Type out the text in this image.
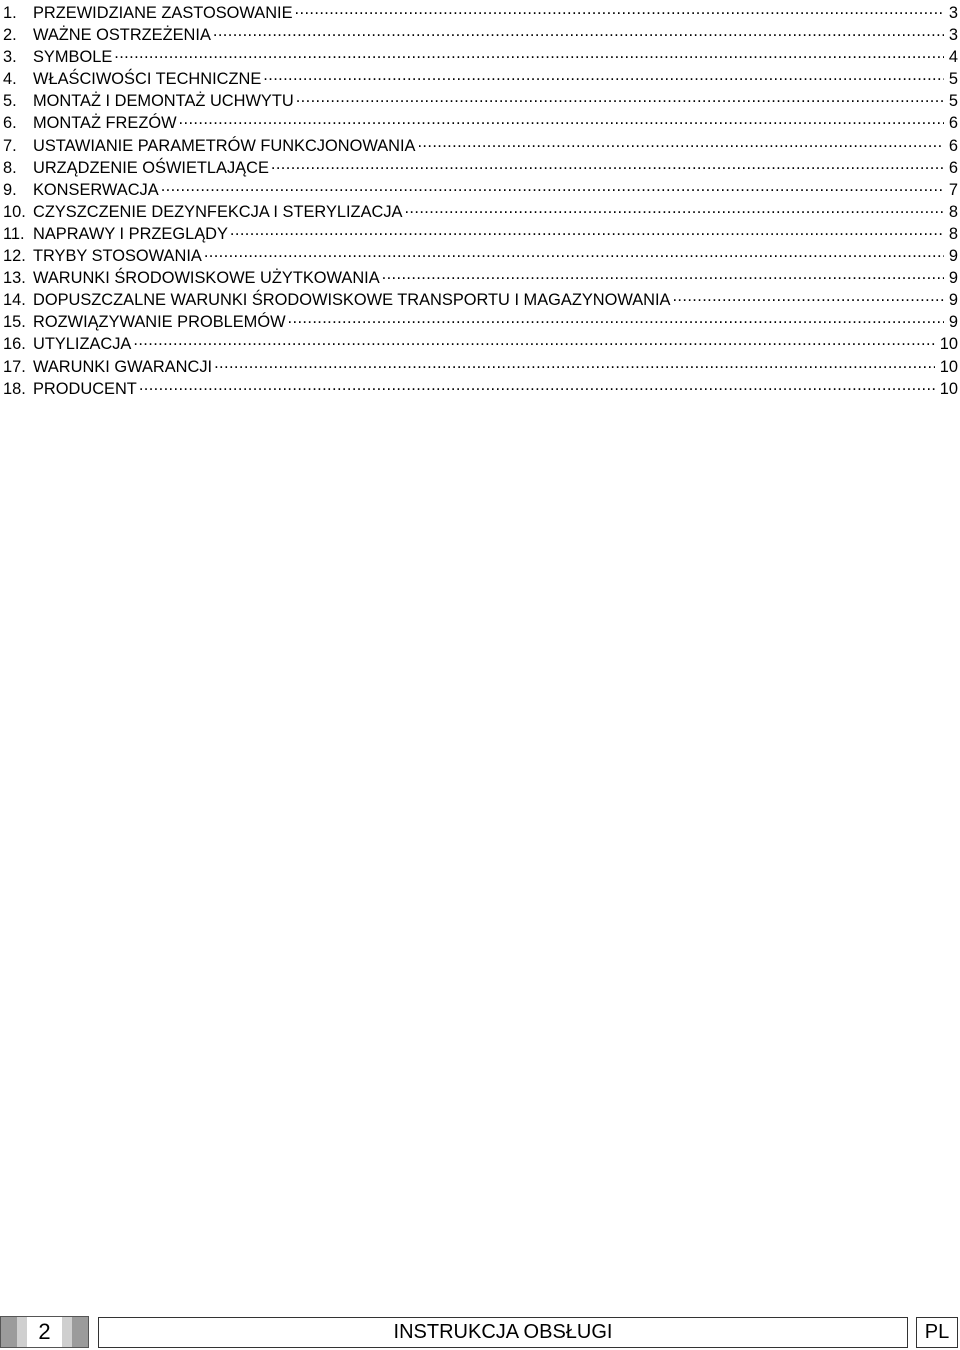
1. PRZEWIDZIANE ZASTOSOWANIE .....	3
2. WAŻNE OSTRZEŻENIA .....	3
3. SYMBOLE .....	4
4. WŁAŚCIWOŚCI TECHNICZNE .....	5
5. MONTAŻ I DEMONTAŻ UCHWYTU .....	5
6. MONTAŻ FREZÓW .....	6
7. USTAWIANIE PARAMETRÓW FUNKCJONOWANIA .....	6
8. URZĄDZENIE OŚWIETLAJĄCE .....	6
9. KONSERWACJA .....	7
10. CZYSZCZENIE DEZYNFEKCJA I STERYLIZACJA .....	8
11. NAPRAWY I PRZEGLĄDY .....	8
12. TRYBY STOSOWANIA .....	9
13. WARUNKI ŚRODOWISKOWE UŻYTKOWANIA .....	9
14. DOPUSZCZALNE WARUNKI ŚRODOWISKOWE TRANSPORTU I MAGAZYNOWANIA .....	9
15. ROZWIĄZYWANIE PROBLEMÓW .....	9
16. UTYLIZACJA .....	10
17. WARUNKI GWARANCJI .....	10
18. PRODUCENT .....	10
2	INSTRUKCJA OBSŁUGI	PL
